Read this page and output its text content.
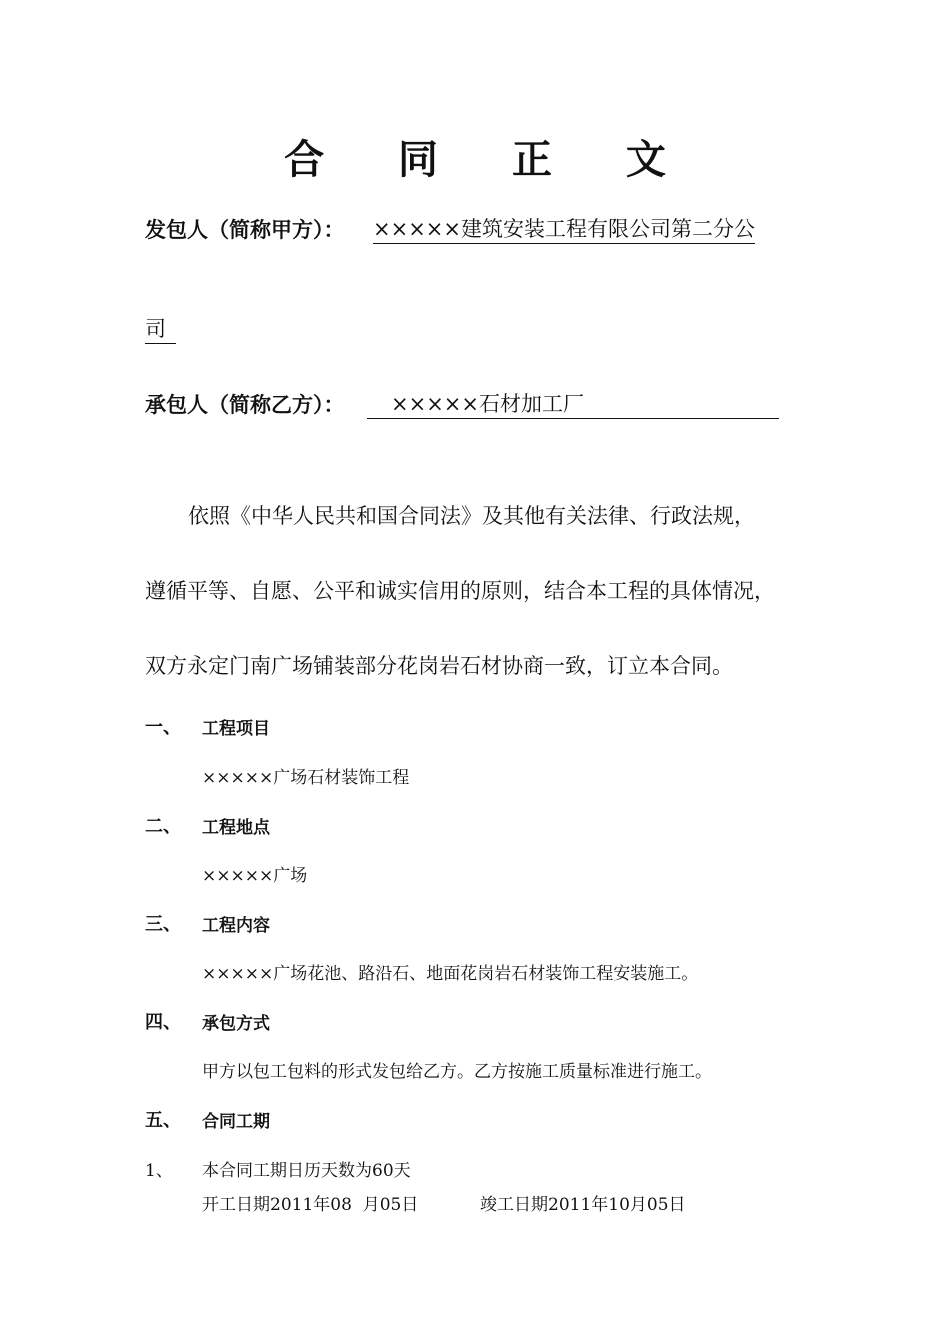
合 同 正 文
发包人（简称甲方）： ×××××建筑安装工程有限公司第二分公
司
承包人（简称乙方）：	×××××石材加工厂
依照《中华人民共和国合同法》及其他有关法律、行政法规，
遵循平等、自愿、公平和诚实信用的原则，结合本工程的具体情况，
双方永定门南广场铺装部分花岗岩石材协商一致，订立本合同。
一、 工程项目
×××××广场石材装饰工程
二、 工程地点
×××××广场
三、 工程内容
×××××广场花池、路沿石、地面花岗岩石材装饰工程安装施工。
四、 承包方式
甲方以包工包料的形式发包给乙方。乙方按施工质量标准进行施工。
五、 合同工期
1、 本合同工期日历天数为60天
开工日期2011年08  月05日	竣工日期2011年10月05日
